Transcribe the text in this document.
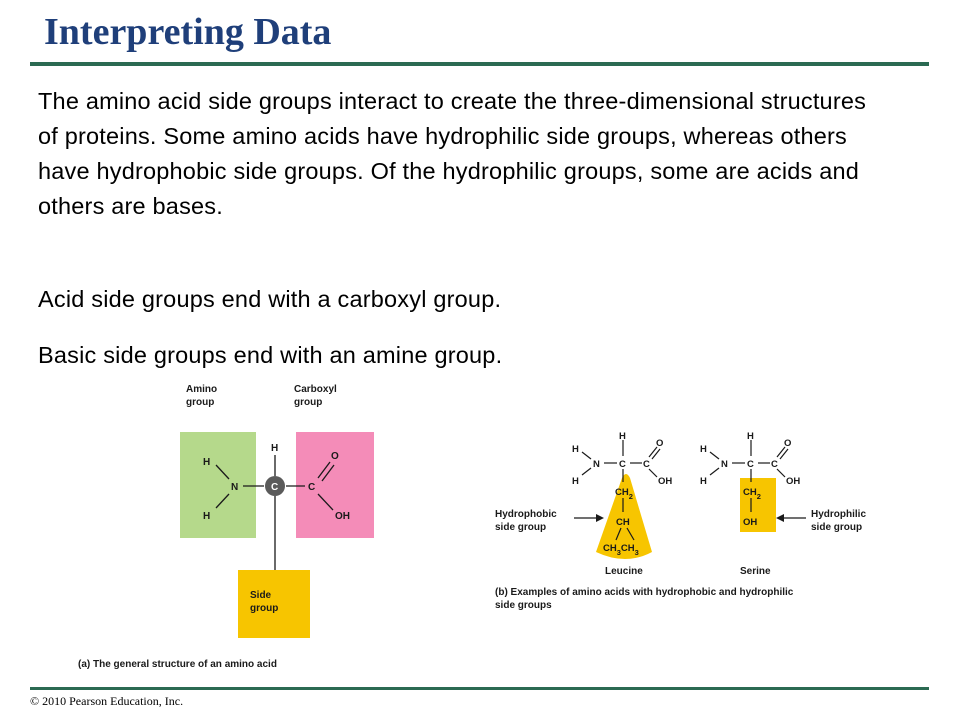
Interpreting Data
The amino acid side groups interact to create the three-dimensional structures of proteins. Some amino acids have hydrophilic side groups, whereas others have hydrophobic side groups. Of the hydrophilic groups, some are acids and others are bases.
Acid side groups end with a carboxyl group.
Basic side groups end with an amine group.
Amino
group
Carboxyl
group
C
H
H
H
N	C
O
OH
Side
group
(a) The general structure of an amino acid
H
H
H
N C C
O
OH
$CH_2$
CH
$CH_3CH_3$
H
H
H
N C C
O
OH
$CH_2$
OH
Hydrophobic
side group
Hydrophilic
side group
Leucine	Serine
(b) Examples of amino acids with hydrophobic and hydrophilic
side groups
© 2010 Pearson Education, Inc.
